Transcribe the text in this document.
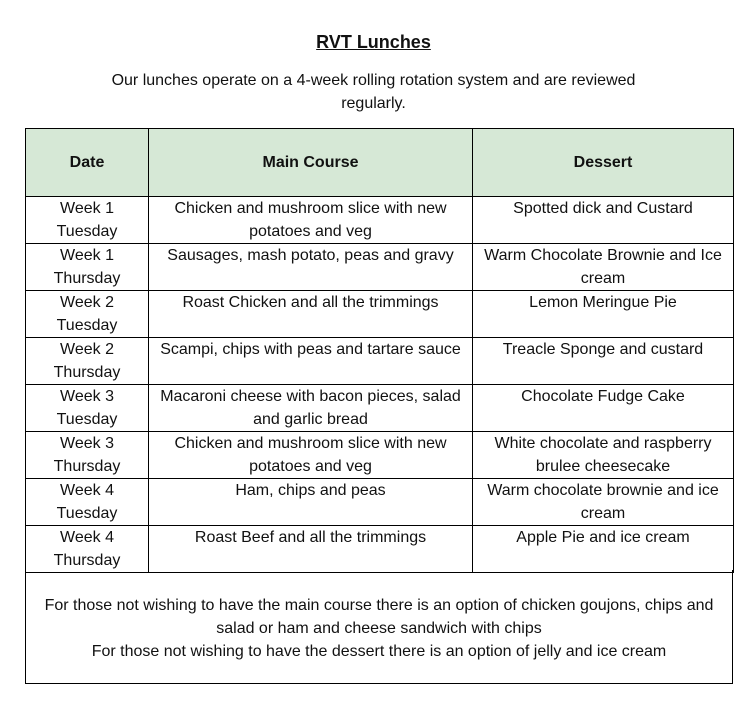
RVT Lunches
Our lunches operate on a 4-week rolling rotation system and are reviewed regularly.
Date	Main Course	Dessert
Week 1 Tuesday	Chicken and mushroom slice with new potatoes and veg	Spotted dick and Custard
Week 1 Thursday	Sausages, mash potato, peas and gravy	Warm Chocolate Brownie and Ice cream
Week 2 Tuesday	Roast Chicken and all the trimmings	Lemon Meringue Pie
Week 2 Thursday	Scampi, chips with peas and tartare sauce	Treacle Sponge and custard
Week 3 Tuesday	Macaroni cheese with bacon pieces, salad and garlic bread	Chocolate Fudge Cake
Week 3 Thursday	Chicken and mushroom slice with new potatoes and veg	White chocolate and raspberry brulee cheesecake
Week 4 Tuesday	Ham, chips and peas	Warm chocolate brownie and ice cream
Week 4 Thursday	Roast Beef and all the trimmings	Apple Pie and ice cream

For those not wishing to have the main course there is an option of chicken goujons, chips and salad or ham and cheese sandwich with chips

For those not wishing to have the dessert there is an option of jelly and ice cream
